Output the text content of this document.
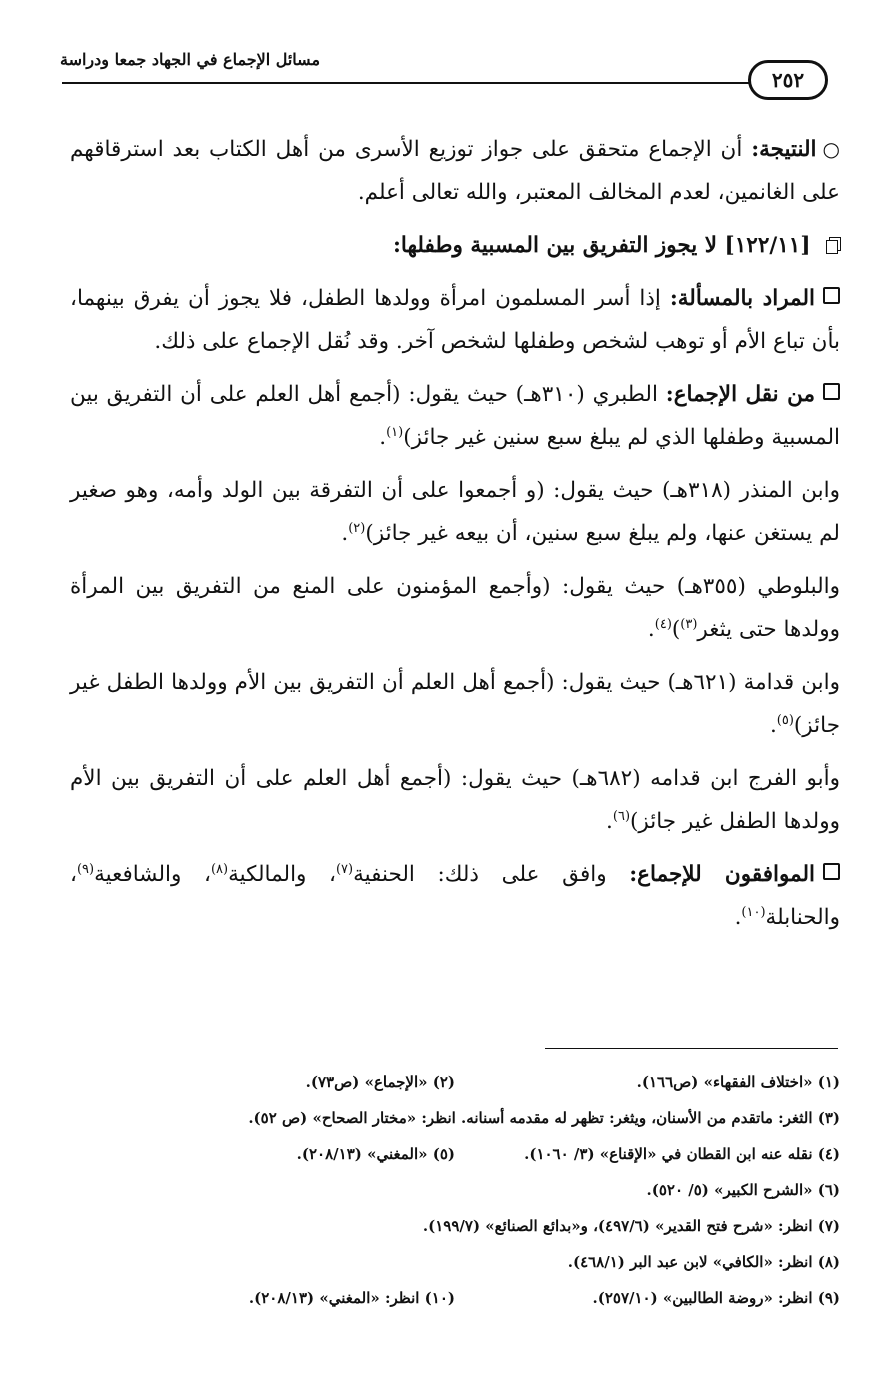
مسائل الإجماع في الجهاد جمعا ودراسة
٢٥٢

○النتيجة: أن الإجماع متحقق على جواز توزيع الأسرى من أهل الكتاب بعد استرقاقهم على الغانمين، لعدم المخالف المعتبر، والله تعالى أعلم.

[١٢٢/١١] لا يجوز التفريق بين المسبية وطفلها:

المراد بالمسألة: إذا أسر المسلمون امرأة وولدها الطفل، فلا يجوز أن يفرق بينهما، بأن تباع الأم أو توهب لشخص وطفلها لشخص آخر. وقد نُقل الإجماع على ذلك.

من نقل الإجماع: الطبري (٣١٠هـ) حيث يقول: (أجمع أهل العلم على أن التفريق بين المسبية وطفلها الذي لم يبلغ سبع سنين غير جائز)$^{(١)}$.

وابن المنذر (٣١٨هـ) حيث يقول: (و أجمعوا على أن التفرقة بين الولد وأمه، وهو صغير لم يستغن عنها، ولم يبلغ سبع سنين، أن بيعه غير جائز)$^{(٢)}$.

والبلوطي (٣٥٥هـ) حيث يقول: (وأجمع المؤمنون على المنع من التفريق بين المرأة وولدها حتى يثغر$^{(٣)}$)$^{(٤)}$.

وابن قدامة (٦٢١هـ) حيث يقول: (أجمع أهل العلم أن التفريق بين الأم وولدها الطفل غير جائز)$^{(٥)}$.

وأبو الفرج ابن قدامه (٦٨٢هـ) حيث يقول: (أجمع أهل العلم على أن التفريق بين الأم وولدها الطفل غير جائز)$^{(٦)}$.

الموافقون للإجماع: وافق على ذلك: الحنفية$^{(٧)}$، والمالكية$^{(٨)}$، والشافعية$^{(٩)}$، والحنابلة$^{(١٠)}$.

(١) «اختلاف الفقهاء» (ص١٦٦).
(٢) «الإجماع» (ص٧٣).
(٣) الثغر: ماتقدم من الأسنان، ويثغر: تظهر له مقدمه أسنانه. انظر: «مختار الصحاح» (ص ٥٢).
(٤) نقله عنه ابن القطان في «الإقناع» (٣/ ١٠٦٠).
(٥) «المغني» (٢٠٨/١٣).
(٦) «الشرح الكبير» (٥/ ٥٢٠).
(٧) انظر: «شرح فتح القدير» (٤٩٧/٦)، و«بدائع الصنائع» (١٩٩/٧).
(٨) انظر: «الكافي» لابن عبد البر (٤٦٨/١).
(٩) انظر: «روضة الطالبين» (٢٥٧/١٠).
(١٠) انظر: «المغني» (٢٠٨/١٣).
